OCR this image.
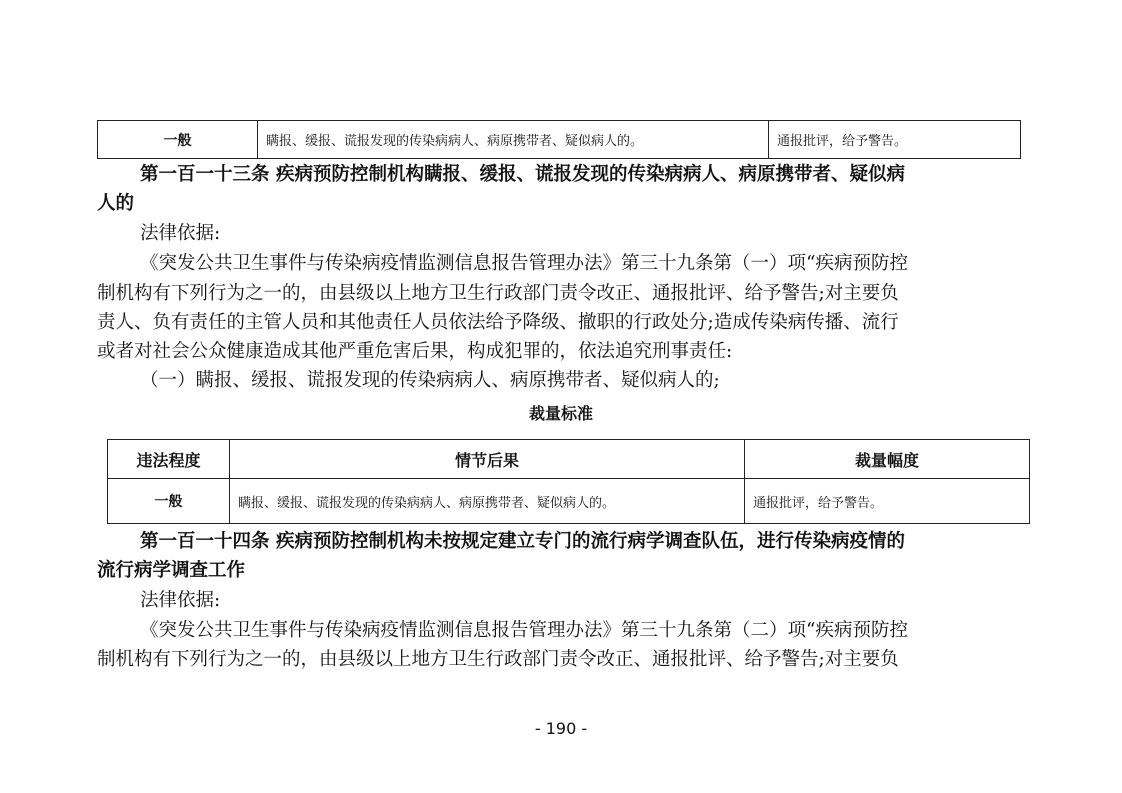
一般	瞒报、缓报、谎报发现的传染病病人、病原携带者、疑似病人的。	通报批评，给予警告。
第一百一十三条 疾病预防控制机构瞒报、缓报、谎报发现的传染病病人、病原携带者、疑似病
人的
法律依据:
《突发公共卫生事件与传染病疫情监测信息报告管理办法》第三十九条第（一）项“疾病预防控
制机构有下列行为之一的，由县级以上地方卫生行政部门责令改正、通报批评、给予警告;对主要负
责人、负有责任的主管人员和其他责任人员依法给予降级、撤职的行政处分;造成传染病传播、流行
或者对社会公众健康造成其他严重危害后果，构成犯罪的，依法追究刑事责任:
（一）瞒报、缓报、谎报发现的传染病病人、病原携带者、疑似病人的;
裁量标准
违法程度	情节后果	裁量幅度
一般	瞒报、缓报、谎报发现的传染病病人、病原携带者、疑似病人的。	通报批评，给予警告。
第一百一十四条 疾病预防控制机构未按规定建立专门的流行病学调查队伍，进行传染病疫情的
流行病学调查工作
法律依据:
《突发公共卫生事件与传染病疫情监测信息报告管理办法》第三十九条第（二）项“疾病预防控
制机构有下列行为之一的，由县级以上地方卫生行政部门责令改正、通报批评、给予警告;对主要负
- 190 -
